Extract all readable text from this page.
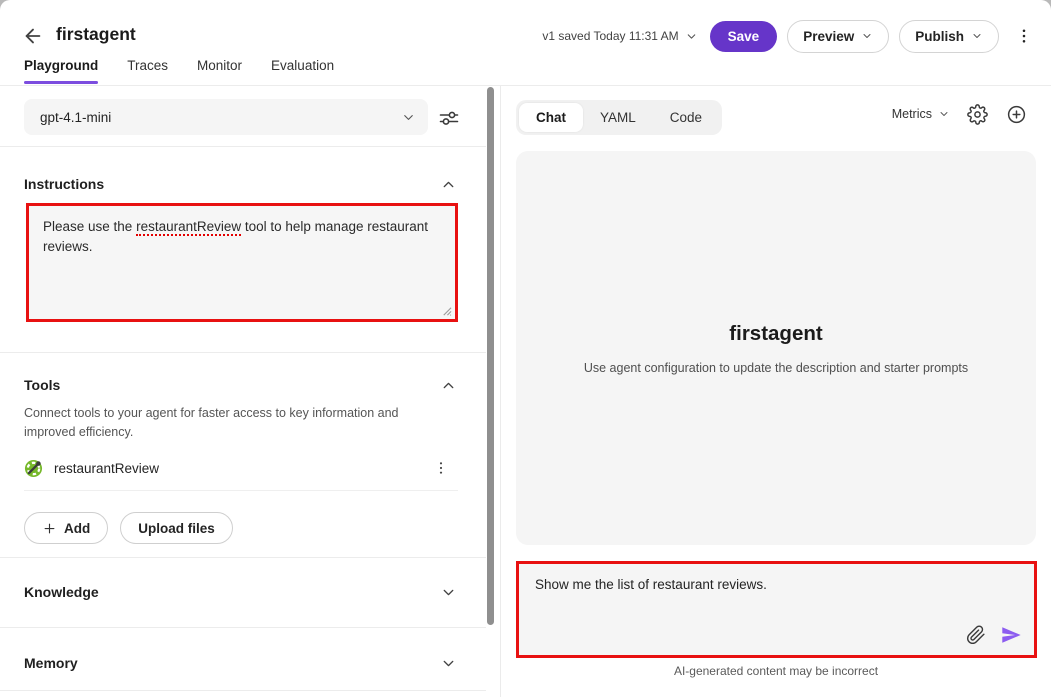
firstagent	v1 saved Today 11:31 AM	Save	Preview	Publish
Playground Traces Monitor Evaluation
gpt-4.1-mini
Instructions
Please use the restaurantReview tool to help manage restaurant reviews.
Tools
Connect tools to your agent for faster access to key information and improved efficiency.
restaurantReview
Add	Upload files
Knowledge
Memory
Chat	YAML	Code	Metrics
firstagent
Use agent configuration to update the description and starter prompts
Show me the list of restaurant reviews.
AI-generated content may be incorrect
